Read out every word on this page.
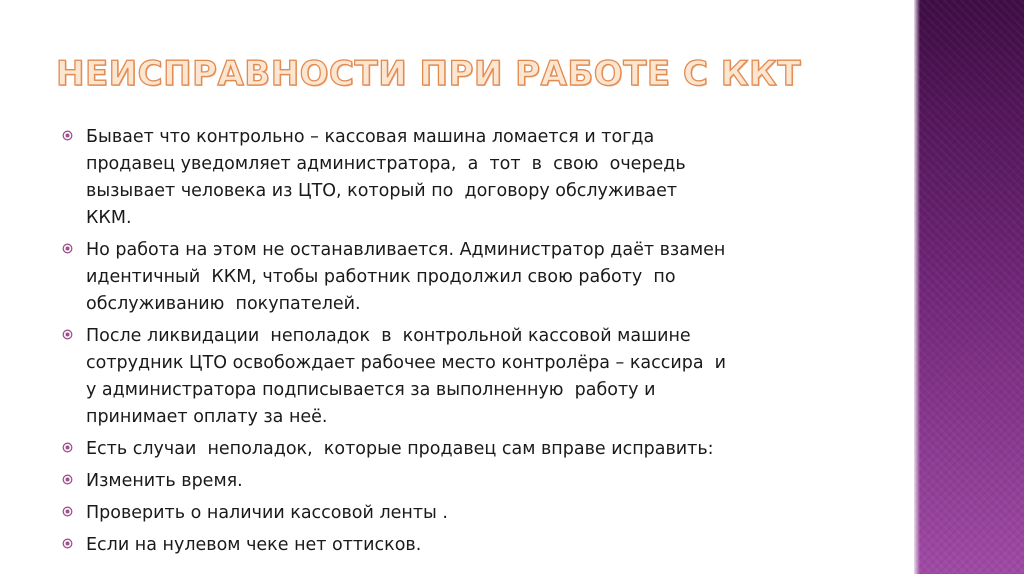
НЕИСПРАВНОСТИ ПРИ РАБОТЕ С ККТ
Бывает что контрольно – кассовая машина ломается и тогда
продавец уведомляет администратора,  а  тот  в  свою  очередь
вызывает человека из ЦТО, который по  договору обслуживает
ККМ.
Но работа на этом не останавливается. Администратор даёт взамен
идентичный  ККМ, чтобы работник продолжил свою работу  по
обслуживанию  покупателей.
После ликвидации  неполадок  в  контрольной кассовой машине
сотрудник ЦТО освобождает рабочее место контролёра – кассира  и
у администратора подписывается за выполненную  работу и
принимает оплату за неё.
Есть случаи  неполадок,  которые продавец сам вправе исправить:
Изменить время.
Проверить о наличии кассовой ленты .
Если на нулевом чеке нет оттисков.
